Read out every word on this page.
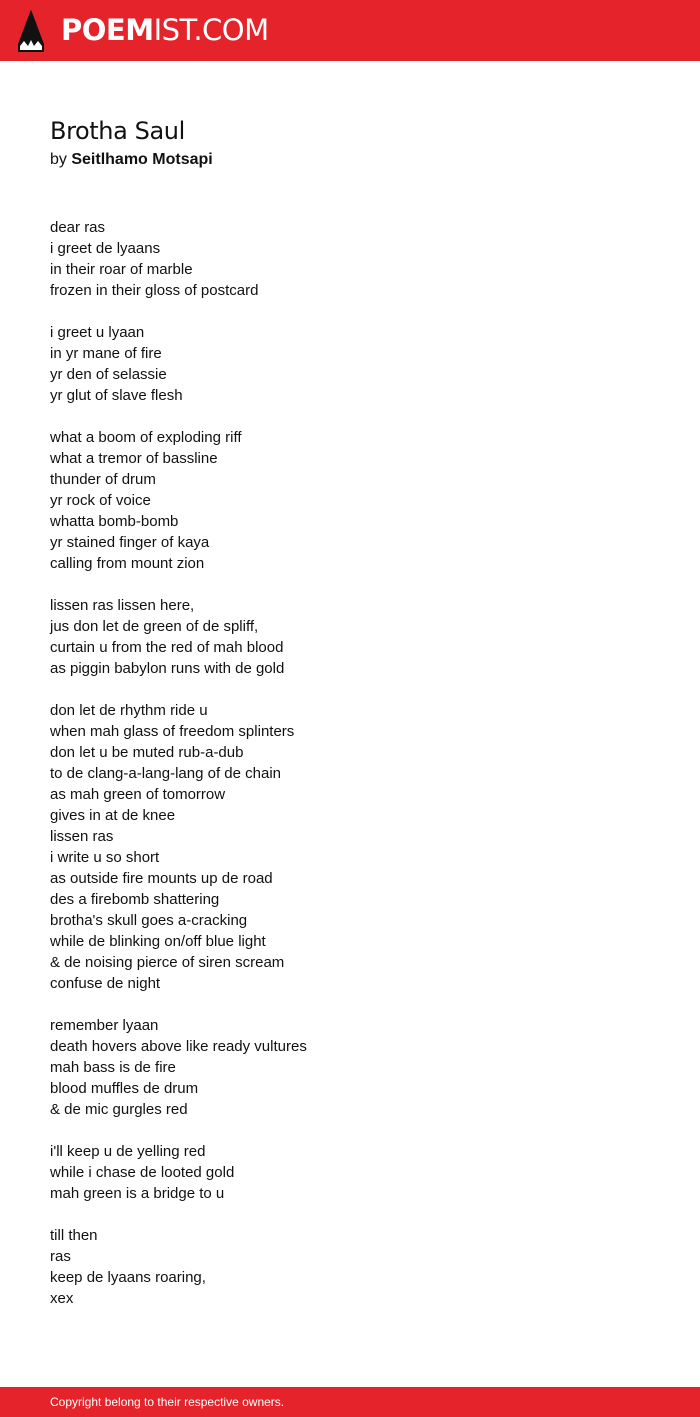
POEMIST.COM
Brotha Saul
by Seitlhamo Motsapi
dear ras
i greet de lyaans
in their roar of marble
frozen in their gloss of postcard
i greet u lyaan
in yr mane of fire
yr den of selassie
yr glut of slave flesh
what a boom of exploding riff
what a tremor of bassline
thunder of drum
yr rock of voice
whatta bomb-bomb
yr stained finger of kaya
calling from mount zion
lissen ras lissen here,
jus don let de green of de spliff,
curtain u from the red of mah blood
as piggin babylon runs with de gold
don let de rhythm ride u
when mah glass of freedom splinters
don let u be muted rub-a-dub
to de clang-a-lang-lang of de chain
as mah green of tomorrow
gives in at de knee
lissen ras
i write u so short
as outside fire mounts up de road
des a firebomb shattering
brotha's skull goes a-cracking
while de blinking on/off blue light
& de noising pierce of siren scream
confuse de night
remember lyaan
death hovers above like ready vultures
mah bass is de fire
blood muffles de drum
& de mic gurgles red
i'll keep u de yelling red
while i chase de looted gold
mah green is a bridge to u
till then
ras
keep de lyaans roaring,
xex
Copyright belong to their respective owners.
